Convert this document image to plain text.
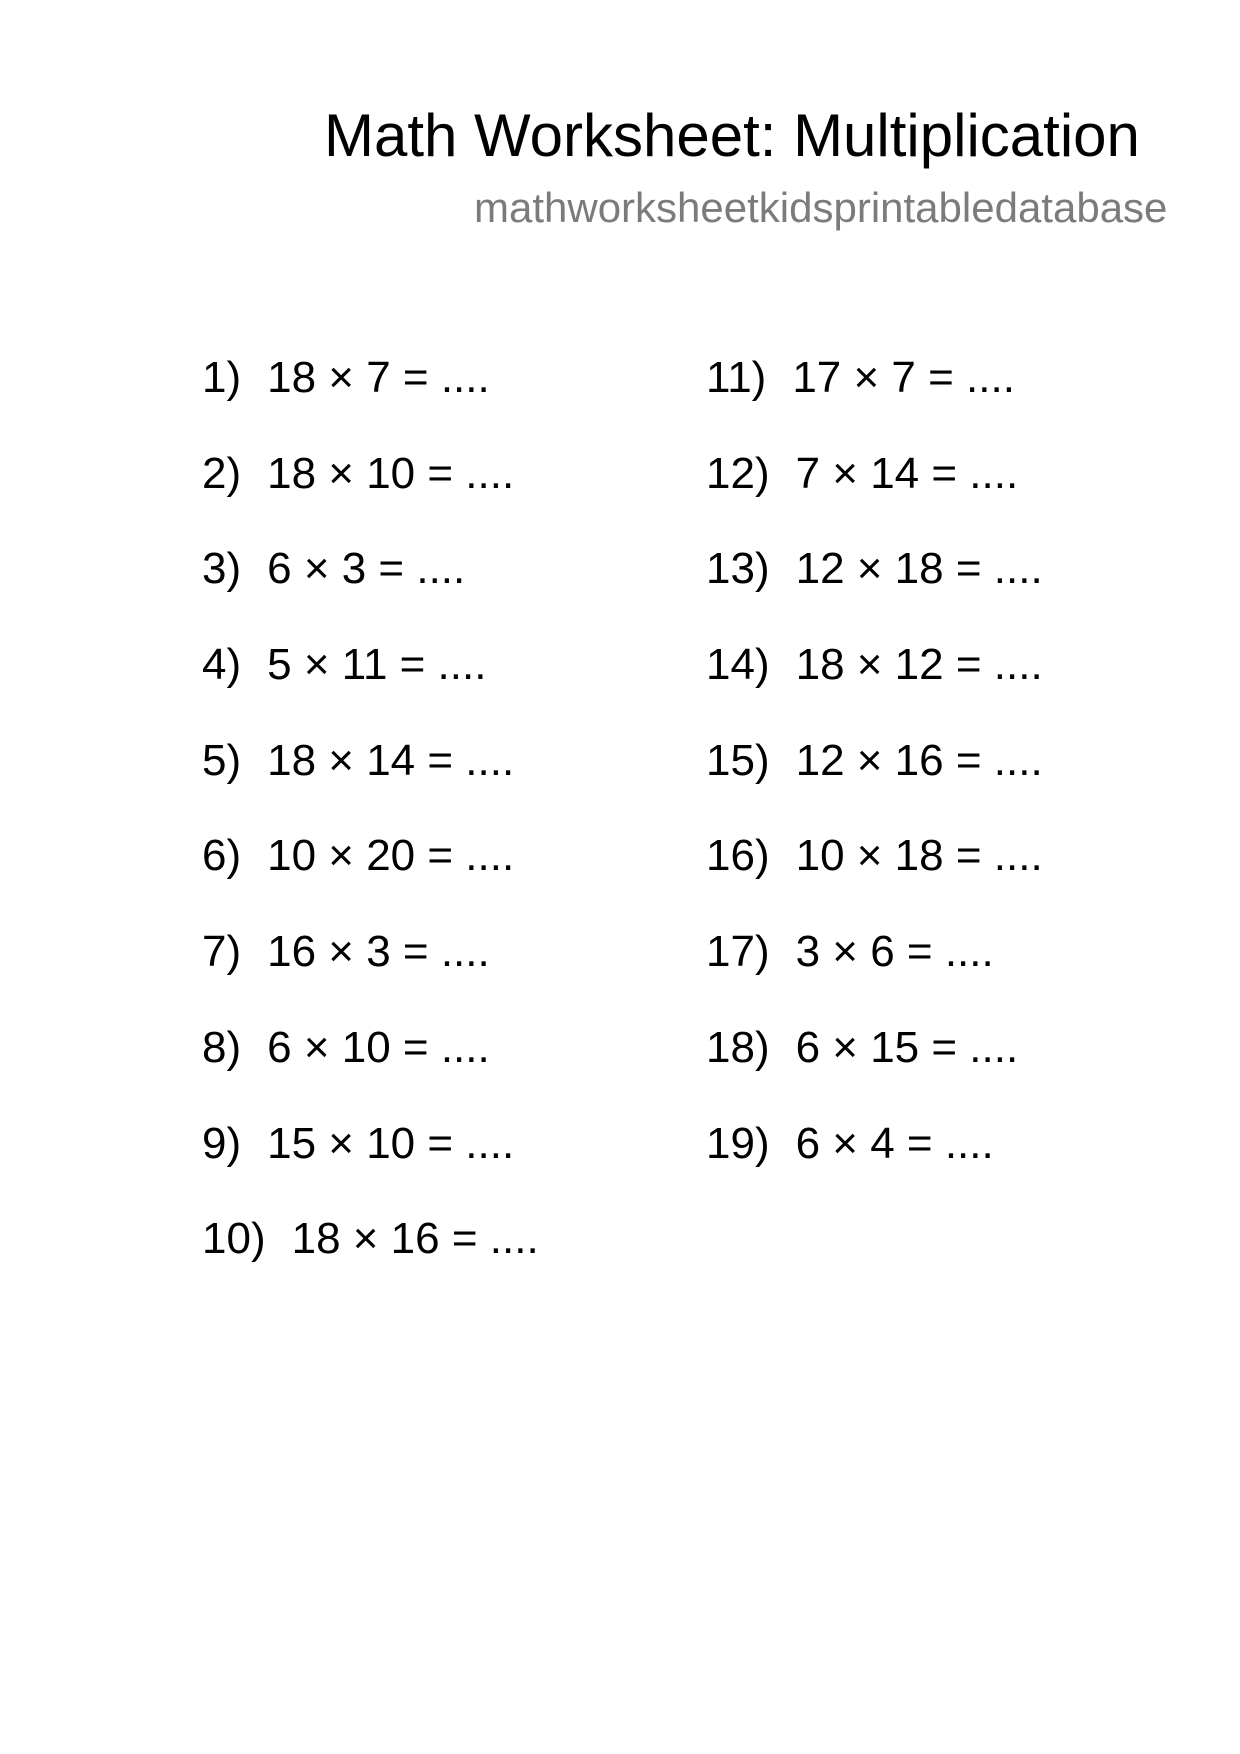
Math Worksheet: Multiplication
mathworksheetkidsprintabledatabase
1) 18 × 7 = ....
2) 18 × 10 = ....
3) 6 × 3 = ....
4) 5 × 11 = ....
5) 18 × 14 = ....
6) 10 × 20 = ....
7) 16 × 3 = ....
8) 6 × 10 = ....
9) 15 × 10 = ....
10) 18 × 16 = ....
11) 17 × 7 = ....
12) 7 × 14 = ....
13) 12 × 18 = ....
14) 18 × 12 = ....
15) 12 × 16 = ....
16) 10 × 18 = ....
17) 3 × 6 = ....
18) 6 × 15 = ....
19) 6 × 4 = ....
